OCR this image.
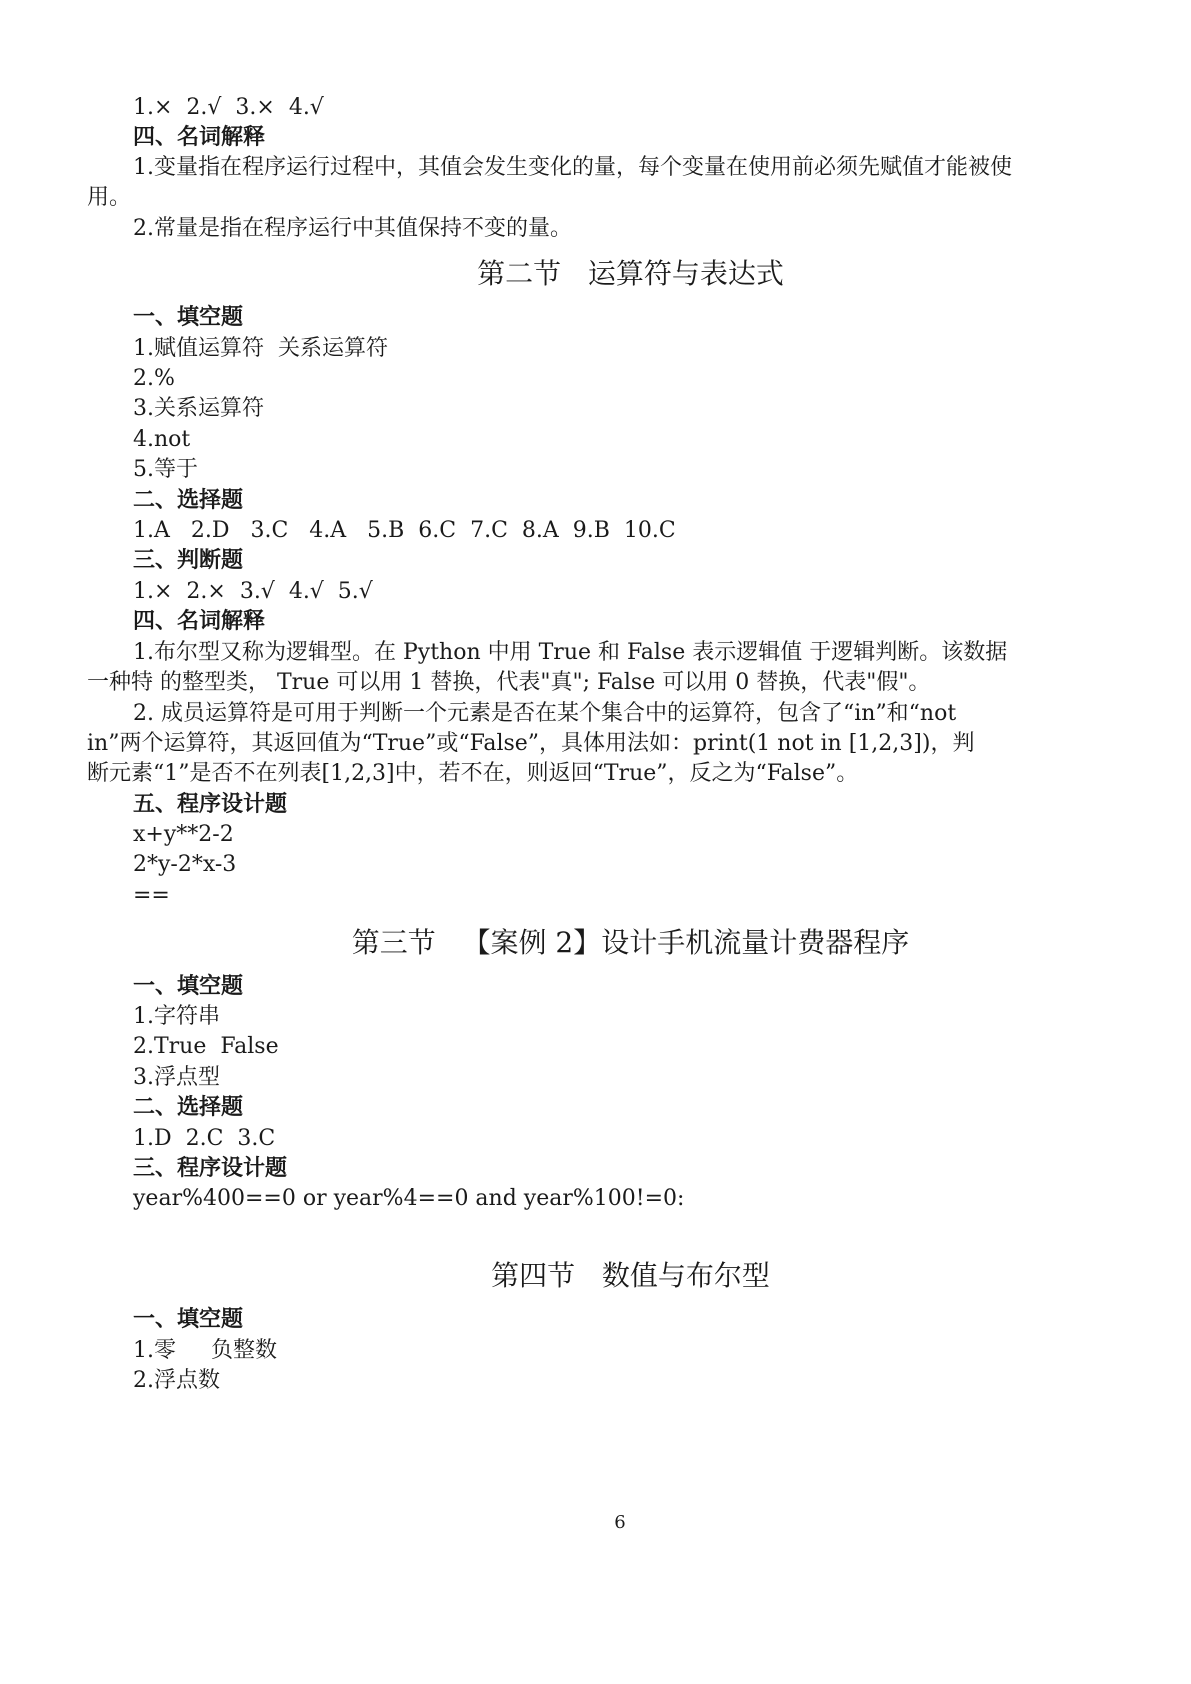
1.×  2.√  3.×  4.√
四、名词解释
1.变量指在程序运行过程中，其值会发生变化的量，每个变量在使用前必须先赋值才能被使
用。
2.常量是指在程序运行中其值保持不变的量。
第二节   运算符与表达式
一、填空题
1.赋值运算符  关系运算符
2.%
3.关系运算符
4.not
5.等于
二、选择题
1.A   2.D   3.C   4.A   5.B  6.C  7.C  8.A  9.B  10.C
三、判断题
1.×  2.×  3.√  4.√  5.√
四、名词解释
1.布尔型又称为逻辑型。在 Python 中用 True 和 False 表示逻辑值 于逻辑判断。该数据
一种特 的整型类， True 可以用 1 替换，代表"真"; False 可以用 0 替换，代表"假"。
2. 成员运算符是可用于判断一个元素是否在某个集合中的运算符，包含了“in”和“not
in”两个运算符，其返回值为“True”或“False”，具体用法如：print(1 not in [1,2,3])，判
断元素“1”是否不在列表[1,2,3]中，若不在，则返回“True”，反之为“False”。
五、程序设计题
x+y**2-2
2*y-2*x-3
==
第三节   【案例 2】设计手机流量计费器程序
一、填空题
1.字符串
2.True  False
3.浮点型
二、选择题
1.D  2.C  3.C
三、程序设计题
year%400==0 or year%4==0 and year%100!=0:
第四节   数值与布尔型
一、填空题
1.零     负整数
2.浮点数
6
